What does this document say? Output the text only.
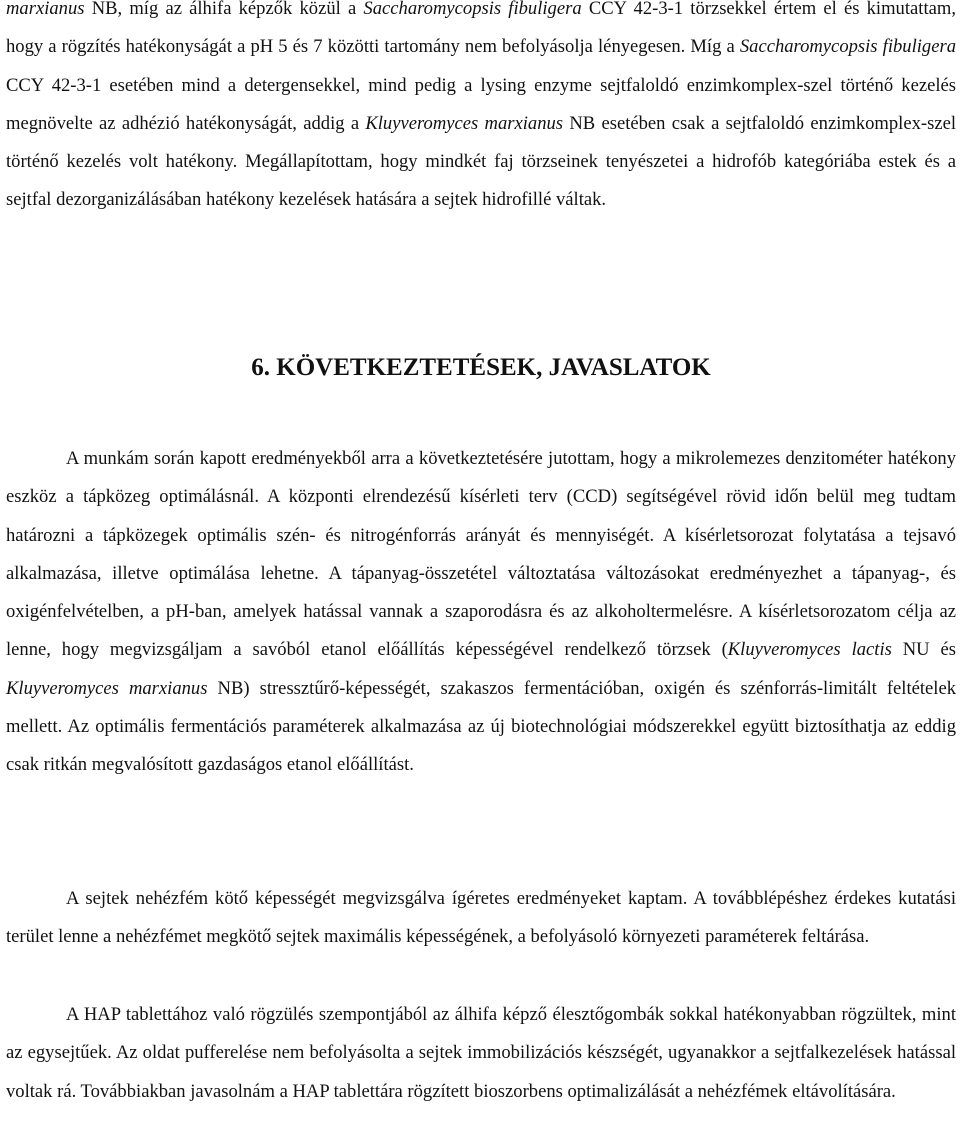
marxianus NB, míg az álhifa képzők közül a Saccharomycopsis fibuligera CCY 42-3-1 törzsekkel értem el és kimutattam, hogy a rögzítés hatékonyságát a pH 5 és 7 közötti tartomány nem befolyásolja lényegesen. Míg a Saccharomycopsis fibuligera CCY 42-3-1 esetében mind a detergensekkel, mind pedig a lysing enzyme sejtfaloldó enzimkomplex-szel történő kezelés megnövelte az adhézió hatékonyságát, addig a Kluyveromyces marxianus NB esetében csak a sejtfaloldó enzimkomplex-szel történő kezelés volt hatékony. Megállapítottam, hogy mindkét faj törzseinek tenyészetei a hidrofób kategóriába estek és a sejtfal dezorganizálásában hatékony kezelések hatására a sejtek hidrofillé váltak.

6. KÖVETKEZTETÉSEK, JAVASLATOK

A munkám során kapott eredményekből arra a következtetésére jutottam, hogy a mikrolemezes denzitométer hatékony eszköz a tápközeg optimálásnál. A központi elrendezésű kísérleti terv (CCD) segítségével rövid időn belül meg tudtam határozni a tápközegek optimális szén- és nitrogénforrás arányát és mennyiségét. A kísérletsorozat folytatása a tejsavó alkalmazása, illetve optimálása lehetne. A tápanyag-összetétel változtatása változásokat eredményezhet a tápanyag-, és oxigénfelvételben, a pH-ban, amelyek hatással vannak a szaporodásra és az alkoholtermelésre. A kísérletsorozatom célja az lenne, hogy megvizsgáljam a savóból etanol előállítás képességével rendelkező törzsek (Kluyveromyces lactis NU és Kluyveromyces marxianus NB) stressztűrő-képességét, szakaszos fermentációban, oxigén és szénforrás-limitált feltételek mellett. Az optimális fermentációs paraméterek alkalmazása az új biotechnológiai módszerekkel együtt biztosíthatja az eddig csak ritkán megvalósított gazdaságos etanol előállítást.

A sejtek nehézfém kötő képességét megvizsgálva ígéretes eredményeket kaptam. A továbblépéshez érdekes kutatási terület lenne a nehézfémet megkötő sejtek maximális képességének, a befolyásoló környezeti paraméterek feltárása.

A HAP tablettához való rögzülés szempontjából az álhifa képző élesztőgombák sokkal hatékonyabban rögzültek, mint az egysejtűek. Az oldat pufferelése nem befolyásolta a sejtek immobilizációs készségét, ugyanakkor a sejtfalkezelések hatással voltak rá. Továbbiakban javasolnám a HAP tablettára rögzített bioszorbens optimalizálását a nehézfémek eltávolítására.
